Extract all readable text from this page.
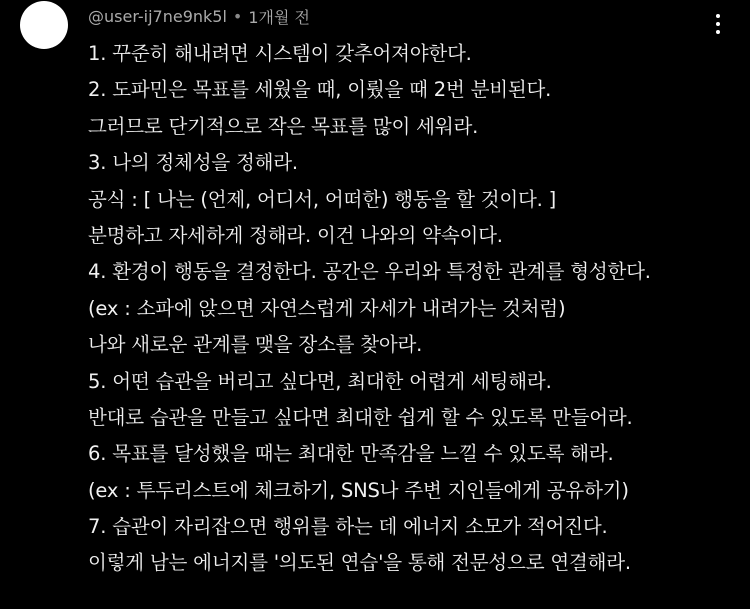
@user-ij7ne9nk5l • 1개월 전
1. 꾸준히 해내려면 시스템이 갖추어져야한다.
2. 도파민은 목표를 세웠을 때, 이뤘을 때 2번 분비된다.
그러므로 단기적으로 작은 목표를 많이 세워라.
3. 나의 정체성을 정해라.
공식 : [ 나는 (언제, 어디서, 어떠한) 행동을 할 것이다. ]
분명하고 자세하게 정해라. 이건 나와의 약속이다.
4. 환경이 행동을 결정한다. 공간은 우리와 특정한 관계를 형성한다.
(ex : 소파에 앉으면 자연스럽게 자세가 내려가는 것처럼)
나와 새로운 관계를 맺을 장소를 찾아라.
5. 어떤 습관을 버리고 싶다면, 최대한 어렵게 세팅해라.
반대로 습관을 만들고 싶다면 최대한 쉽게 할 수 있도록 만들어라.
6. 목표를 달성했을 때는 최대한 만족감을 느낄 수 있도록 해라.
(ex : 투두리스트에 체크하기, SNS나 주변 지인들에게 공유하기)
7. 습관이 자리잡으면 행위를 하는 데 에너지 소모가 적어진다.
이렇게 남는 에너지를 '의도된 연습'을 통해 전문성으로 연결해라.
